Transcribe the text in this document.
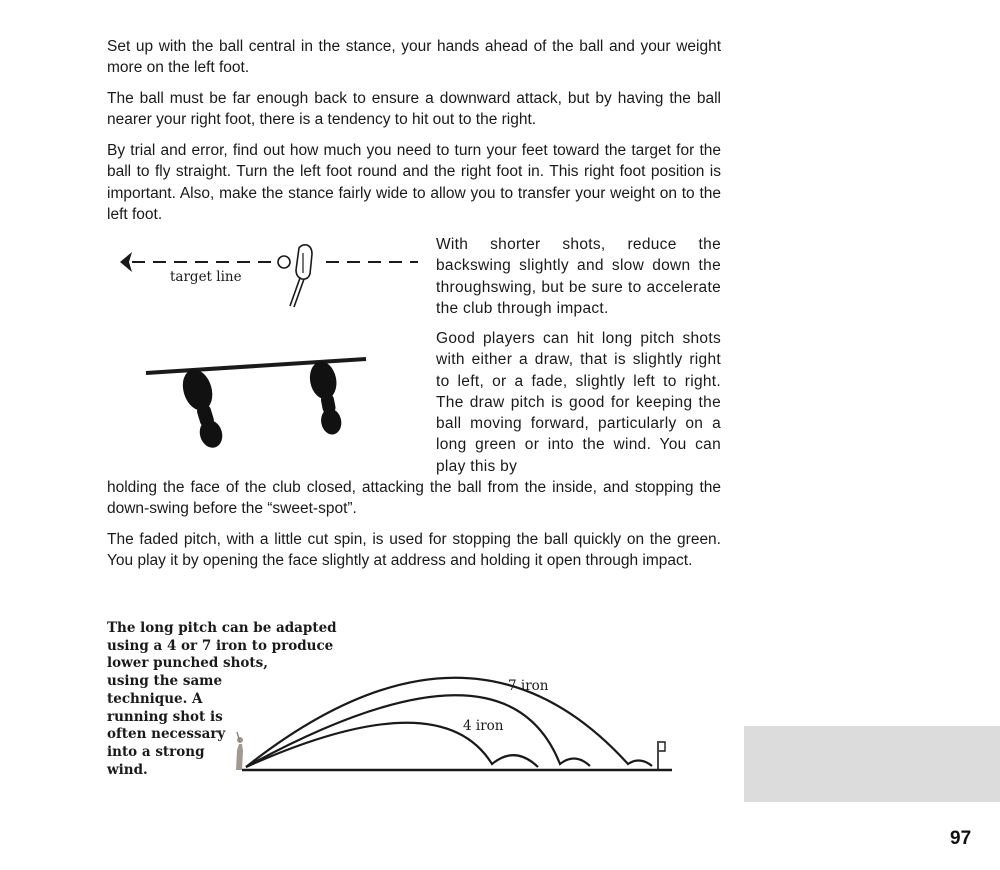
Set up with the ball central in the stance, your hands ahead of the ball and your weight more on the left foot.

The ball must be far enough back to ensure a downward attack, but by having the ball nearer your right foot, there is a tendency to hit out to the right.

By trial and error, find out how much you need to turn your feet toward the target for the ball to fly straight. Turn the left foot round and the right foot in. This right foot position is important. Also, make the stance fairly wide to allow you to transfer your weight on to the left foot.

With shorter shots, reduce the backswing slightly and slow down the throughswing, but be sure to accelerate the club through impact.

Good players can hit long pitch shots with either a draw, that is slightly right to left, or a fade, slightly left to right. The draw pitch is good for keeping the ball moving forward, particularly on a long green or into the wind. You can play this by

holding the face of the club closed, attacking the ball from the inside, and stopping the down-swing before the “sweet-spot”.

The faded pitch, with a little cut spin, is used for stopping the ball quickly on the green. You play it by opening the face slightly at address and holding it open through impact.

target line
The long pitch can be adapted
using a 4 or 7 iron to produce
lower punched shots,
using the same
technique. A
running shot is
often necessary
into a strong
wind.
7 iron
4 iron
97
